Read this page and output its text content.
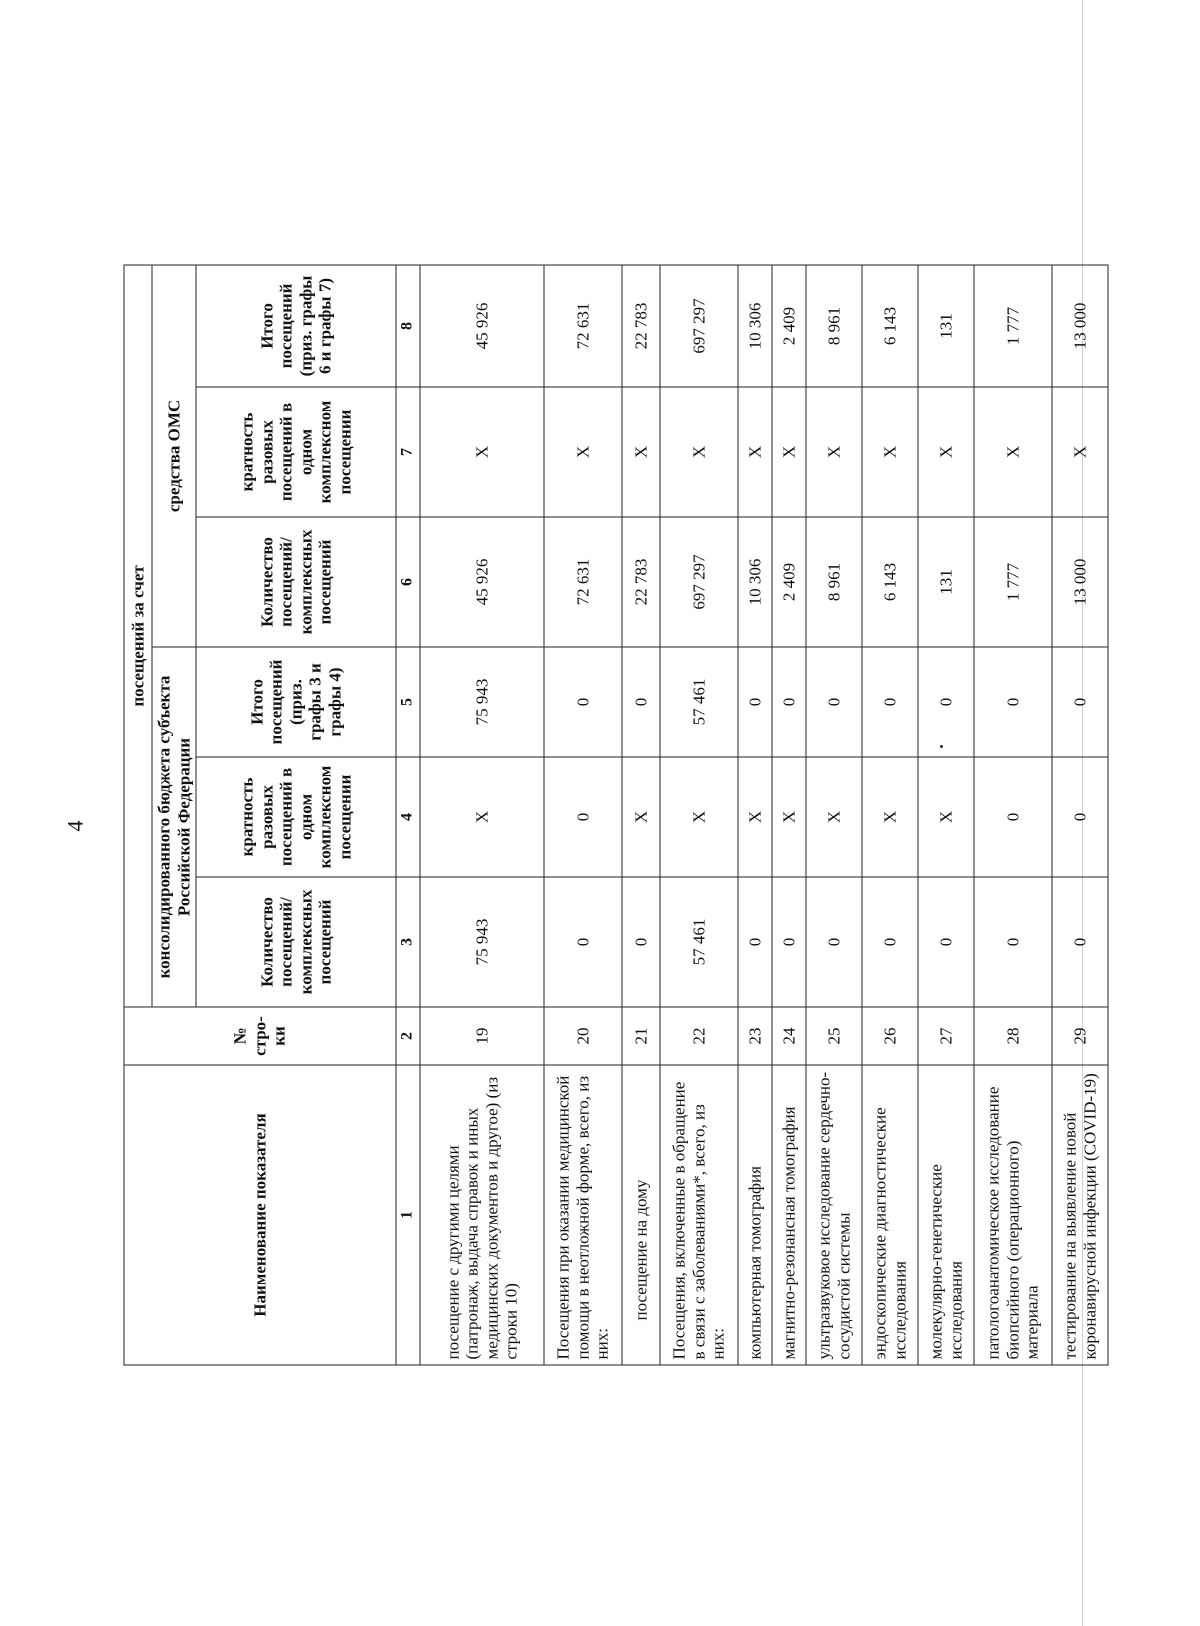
4
Наименование показателя	№ стро-ки	посещений за счет					
		консолидированного бюджета субъекта Российской Федерации			средства ОМС		
		Количество посещений/ комплексных посещений	кратность разовых посещений в одном комплексном посещении	Итого посещений (приз. графы 3 и графы 4)	Количество посещений/ комплексных посещений	кратность разовых посещений в одном комплексном посещении	Итого посещений (приз. графы 6 и графы 7)
1	2	3	4	5	6	7	8
посещение с другими целями (патронаж, выдача справок и иных медицинских документов и другое) (из строки 10)	19	75 943	Х	75 943	45 926	Х	45 926
Посещения при оказании медицинской помощи в неотложной форме, всего, из них:	20	0	0	0	72 631	Х	72 631
посещение на дому	21	0	Х	0	22 783	Х	22 783
Посещения, включенные в обращение в связи с заболеваниями*, всего, из них:	22	57 461	Х	57 461	697 297	Х	697 297
компьютерная томография	23	0	Х	0	10 306	Х	10 306
магнитно-резонансная томография	24	0	Х	0	2 409	Х	2 409
ультразвуковое исследование сердечно-сосудистой системы	25	0	Х	0	8 961	Х	8 961
эндоскопические диагностические исследования	26	0	Х	0	6 143	Х	6 143
молекулярно-генетические исследования	27	0	Х	0	131	Х	131
патологоанатомическое исследование биопсийного (операционного) материала	28	0	0	0	1 777	Х	1 777
тестирование на выявление новой коронавирусной инфекции (COVID-19)	29	0	0	0	13 000	Х	13 000
